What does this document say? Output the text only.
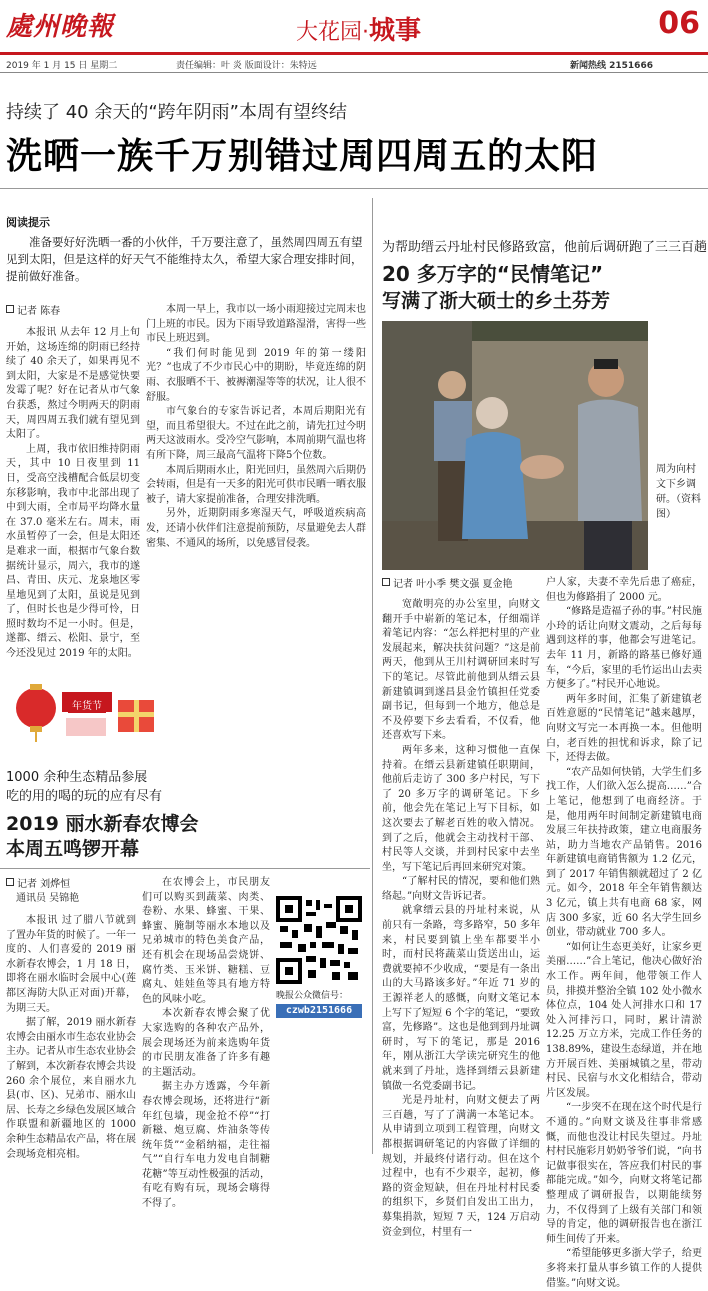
處州晚報	大花园·城事	06
2019 年 1 月 15 日 星期二	责任编辑：叶 炎 版面设计：朱特远	新闻热线 2151666
持续了 40 余天的“跨年阴雨”本周有望终结
洗晒一族千万别错过周四周五的太阳
阅读提示
准备要好好洗晒一番的小伙伴，千万要注意了，虽然周四周五有望见到太阳，但是这样的好天气不能维持太久，希望大家合理安排时间，提前做好准备。
记者 陈春

本报讯 从去年 12 月上旬开始，这场连绵的阴雨已经持续了 40 余天了，如果再见不到太阳，大家是不是感觉快要发霉了呢？好在记者从市气象台获悉，熬过今明两天的阴雨天，周四周五我们就有望见到太阳了。

上周，我市依旧维持阴雨天，其中 10 日夜里到 11 日，受高空浅槽配合低层切变东移影响，我市中北部出现了中到大雨，全市局平均降水量在 37.0 毫米左右。周末，雨水虽暂停了一会，但是太阳还是难求一面，根据市气象台数据统计显示，周六，我市的遂昌、青田、庆元、龙泉地区零星地见到了太阳，虽说是见到了，但时长也是少得可怜，日照时数均不足一小时。但是，遂都、缙云、松阳、景宁，至今还没见过 2019 年的太阳。

本周一早上，我市以一场小雨迎接过完周末也门上班的市民。因为下雨导致道路湿滑，害得一些市民上班迟到。

“我们何时能见到 2019 年的第一缕阳光？”也成了不少市民心中的期盼，毕竟连绵的阴雨、衣服晒不干、被褥潮湿等等的状况，让人很不舒服。

市气象台的专家告诉记者，本周后期阳光有望，而且希望很大。不过在此之前，请先扛过今明两天这波雨水。受冷空气影响，本周前期气温也将有所下降，周三最高气温将下降5个位数。

本周后期雨水止，阳光回归，虽然周六后期仍会转雨，但是有一天多的阳光可供市民晒一晒衣服被子，请大家提前准备，合理安排洗晒。

另外，近期阴雨多寒湿天气，呼吸道疾病高发，还请小伙伴们注意提前预防，尽量避免去人群密集、不通风的场所，以免感冒侵袭。

年货节
1000 余种生态精品参展
吃的用的喝的玩的应有尽有
2019 丽水新春农博会
本周五鸣锣开幕
记者 刘烨恒
通讯员 吴锦艳

本报讯 过了腊八节就到了置办年货的时候了。一年一度的、人们喜爱的 2019 丽水新春农博会，1 月 18 日，即将在丽水临时会展中心(莲都区海防大队正对面)开幕，为期三天。

据了解，2019 丽水新春农博会由丽水市生态农业协会主办。记者从市生态农业协会了解到，本次新春农博会共设 260 余个展位，来自丽水九县(市、区)、兄弟市、丽水山居、长寿之乡绿色发展区域合作联盟和新疆地区的 1000 余种生态精品农产品，将在展会现场竞相亮相。

在农博会上，市民朋友们可以购买到蔬菜、肉类、卷粉、水果、蜂蜜、干果、蜂蜜、腌制等丽水本地以及兄弟城市的特色美食产品，还有机会在现场品尝烧饼、腐竹类、玉米饼、糖糕、豆腐丸、娃娃鱼等具有地方特色的风味小吃。

本次新春农博会聚了优大家选购的各种农产品外，展会现场还为前来选购年货的市民朋友准备了许多有趣的主题活动。

据主办方透露，今年新春农博会现场，还将进行“新年红包墙，现金抢不停”“打新糍、炮豆腐、炸油条等传统年货”“金稻纳福，走往福气”“自行车电力发电自制糖花糖”等互动性极强的活动，有吃有购有玩，现场会嗨得不得了。

晚报公众微信号：
czwb2151666
为帮助缙云丹址村民修路致富，他前后调研跑了三三百趟
20 多万字的“民情笔记”
写满了浙大硕士的乡土芬芳
周为向村文下乡调研。（资料图）
记者 叶小季 樊文强 夏金艳

宽敞明亮的办公室里，向财文翻开手中崭新的笔记本，仔细端详着笔记内容：“怎么样把村里的产业发展起来，解决扶贫问题？”这是前两天，他到从王川村调研回来时写下的笔记。尽管此前他到从缙云县新建镇调到遂昌县金竹镇担任党委副书记，但每到一个地方，他总是不及停要下乡去看看，不仅看，他还喜欢写下来。

两年多来，这种习惯他一直保持着。在缙云县新建镇任职期间，他前后走访了 300 多户村民，写下了 20 多万字的调研笔记。下乡前，他会先在笔记上写下目标，如这次要去了解老百姓的收入情况。到了之后，他就会主动找村干部、村民等人交谈，并到村民家中去坐坐，写下笔记后再回来研究对策。

“了解村民的情况，要和他们熟络起。”向财文告诉记者。

就拿缙云县的丹址村来说，从前只有一条路，弯多路窄，50 多年来，村民要到镇上坐车都要半小时，而村民将蔬菜山货送出山，运费就要掉不少收成，“要是有一条出山的大马路该多好。”年近 71 岁的王源祥老人的感慨，向财文笔记本上写下了短短 6 个字的笔记，“要致富，先修路”。这也是他到到丹址调研时，写下的笔记，那是 2016 年，刚从浙江大学读完研究生的他就来到了丹址，选择到缙云县新建镇做一名党委副书记。

光是丹址村，向财文便去了两三百趟，写了了满满一本笔记本。从申请到立项到工程管理，向财文都根据调研笔记的内容做了详细的规划，并最终付诸行动。但在这个过程中，也有不少艰辛，起初，修路的资金短缺，但在丹址村村民委的组织下，乡贤们自发出工出力，募集捐款，短短 7 天，124 万启动资金到位，村里有一

户人家，夫妻不幸先后患了癌症，但也为修路捐了 2000 元。

“修路是造福子孙的事。”村民施小玲的话让向财文震动，之后每每遇到这样的事，他都会写进笔记。去年 11 月，新路的路基已修好通车，“今后，家里的毛竹运出山去卖方便多了。”村民开心地说。

两年多时间，汇集了新建镇老百姓意愿的“民情笔记”越来越厚，向财文写完一本再换一本。但他明白，老百姓的担忧和诉求，除了记下，还得去做。

“农产品如何快销，大学生们多找工作，人们欲入怎么提高……”合上笔记，他想到了电商经济。于是，他用两年时间制定新建镇电商发展三年扶持政策，建立电商服务站，助力当地农产品销售。2016 年新建镇电商销售额为 1.2 亿元，到了 2017 年销售额就超过了 2 亿元。如今，2018 年全年销售额达 3 亿元，镇上共有电商 68 家，网店 300 多家，近 60 名大学生回乡创业，带动就业 700 多人。

“如何让生态更美好，让家乡更美丽……”合上笔记，他决心做好治水工作。两年间，他带领工作人员，排摸并整治全镇 102 处小微水体位点，104 处人河排水口和 17 处入河排污口，同时，累计清淤 12.25 万立方米，完成工作任务的 138.89%，建设生态绿道，并在地方开展百姓、美丽城镇之星，带动村民、民宿与水文化相结合，带动片区发展。

“一步突不在现在这个时代是行不通的。”向财文谈及往事非常感慨，而他也没让村民失望过。丹址村村民施彩月奶奶爷爷们说，“向书记做事很实在，答应我们村民的事都能完成。”如今，向财文将笔记都整理成了调研报告，以期能续努力，不仅得到了上级有关部门和领导的肯定，他的调研报告也在浙江师生间传了开来。

“希望能够更多浙大学子，给更多将来打量从事乡镇工作的人提供借鉴。”向财文说。
